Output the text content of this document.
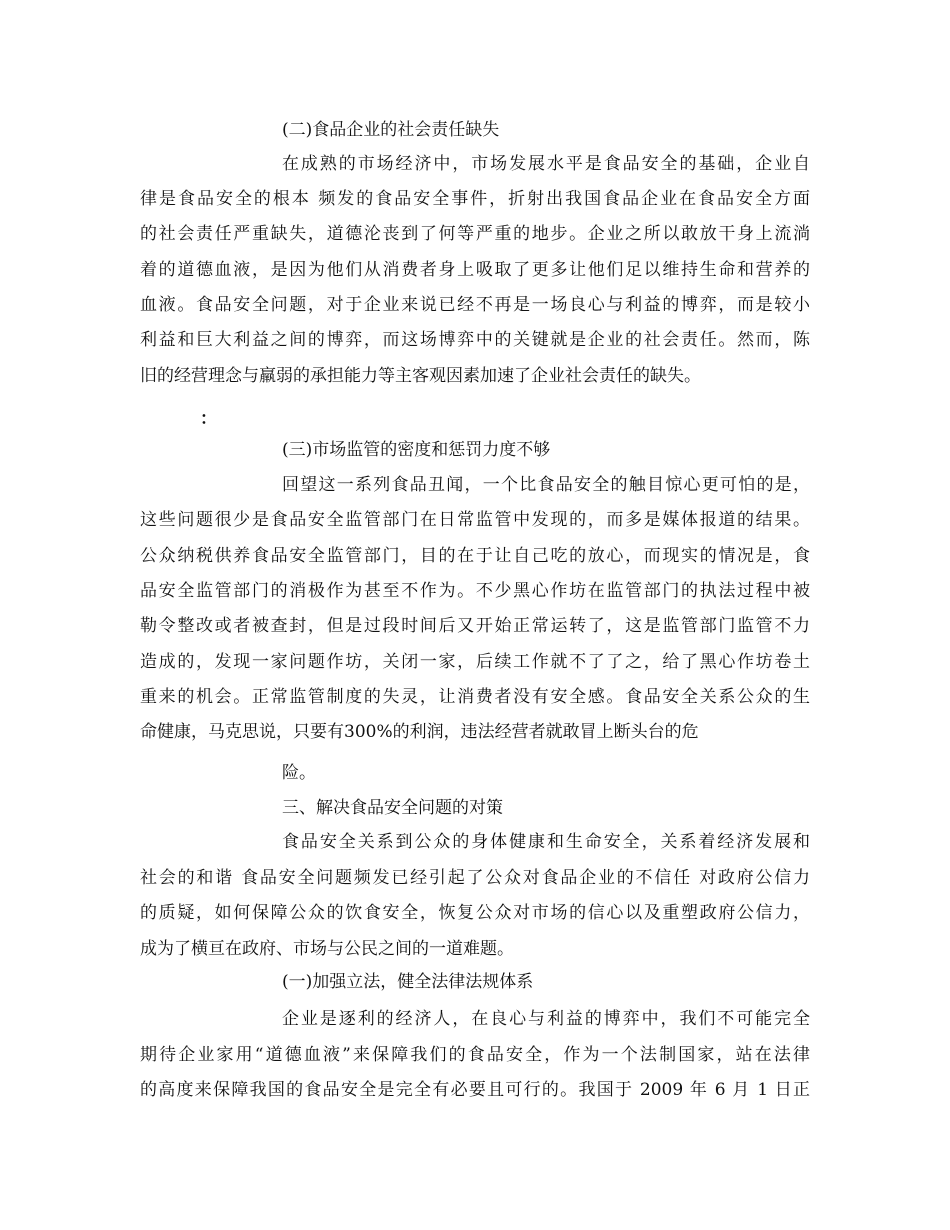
(二)食品企业的社会责任缺失
在成熟的市场经济中，市场发展水平是食品安全的基础，企业自
律是食品安全的根本 频发的食品安全事件，折射出我国食品企业在食品安全方面
的社会责任严重缺失，道德沦丧到了何等严重的地步。企业之所以敢放干身上流淌
着的道德血液，是因为他们从消费者身上吸取了更多让他们足以维持生命和营养的
血液。食品安全问题，对于企业来说已经不再是一场良心与利益的博弈，而是较小
利益和巨大利益之间的博弈，而这场博弈中的关键就是企业的社会责任。然而，陈
旧的经营理念与羸弱的承担能力等主客观因素加速了企业社会责任的缺失。
：
(三)市场监管的密度和惩罚力度不够
回望这一系列食品丑闻，一个比食品安全的触目惊心更可怕的是，
这些问题很少是食品安全监管部门在日常监管中发现的，而多是媒体报道的结果。
公众纳税供养食品安全监管部门，目的在于让自己吃的放心，而现实的情况是，食
品安全监管部门的消极作为甚至不作为。不少黑心作坊在监管部门的执法过程中被
勒令整改或者被查封，但是过段时间后又开始正常运转了，这是监管部门监管不力
造成的，发现一家问题作坊，关闭一家，后续工作就不了了之，给了黑心作坊卷土
重来的机会。正常监管制度的失灵，让消费者没有安全感。食品安全关系公众的生
命健康，马克思说，只要有300%的利润，违法经营者就敢冒上断头台的危
险。
三、解决食品安全问题的对策
食品安全关系到公众的身体健康和生命安全，关系着经济发展和
社会的和谐 食品安全问题频发已经引起了公众对食品企业的不信任 对政府公信力
的质疑，如何保障公众的饮食安全，恢复公众对市场的信心以及重塑政府公信力，
成为了横亘在政府、市场与公民之间的一道难题。
(一)加强立法，健全法律法规体系
企业是逐利的经济人，在良心与利益的博弈中，我们不可能完全
期待企业家用“道德血液”来保障我们的食品安全，作为一个法制国家，站在法律
的高度来保障我国的食品安全是完全有必要且可行的。我国于 2009 年 6 月 1 日正
